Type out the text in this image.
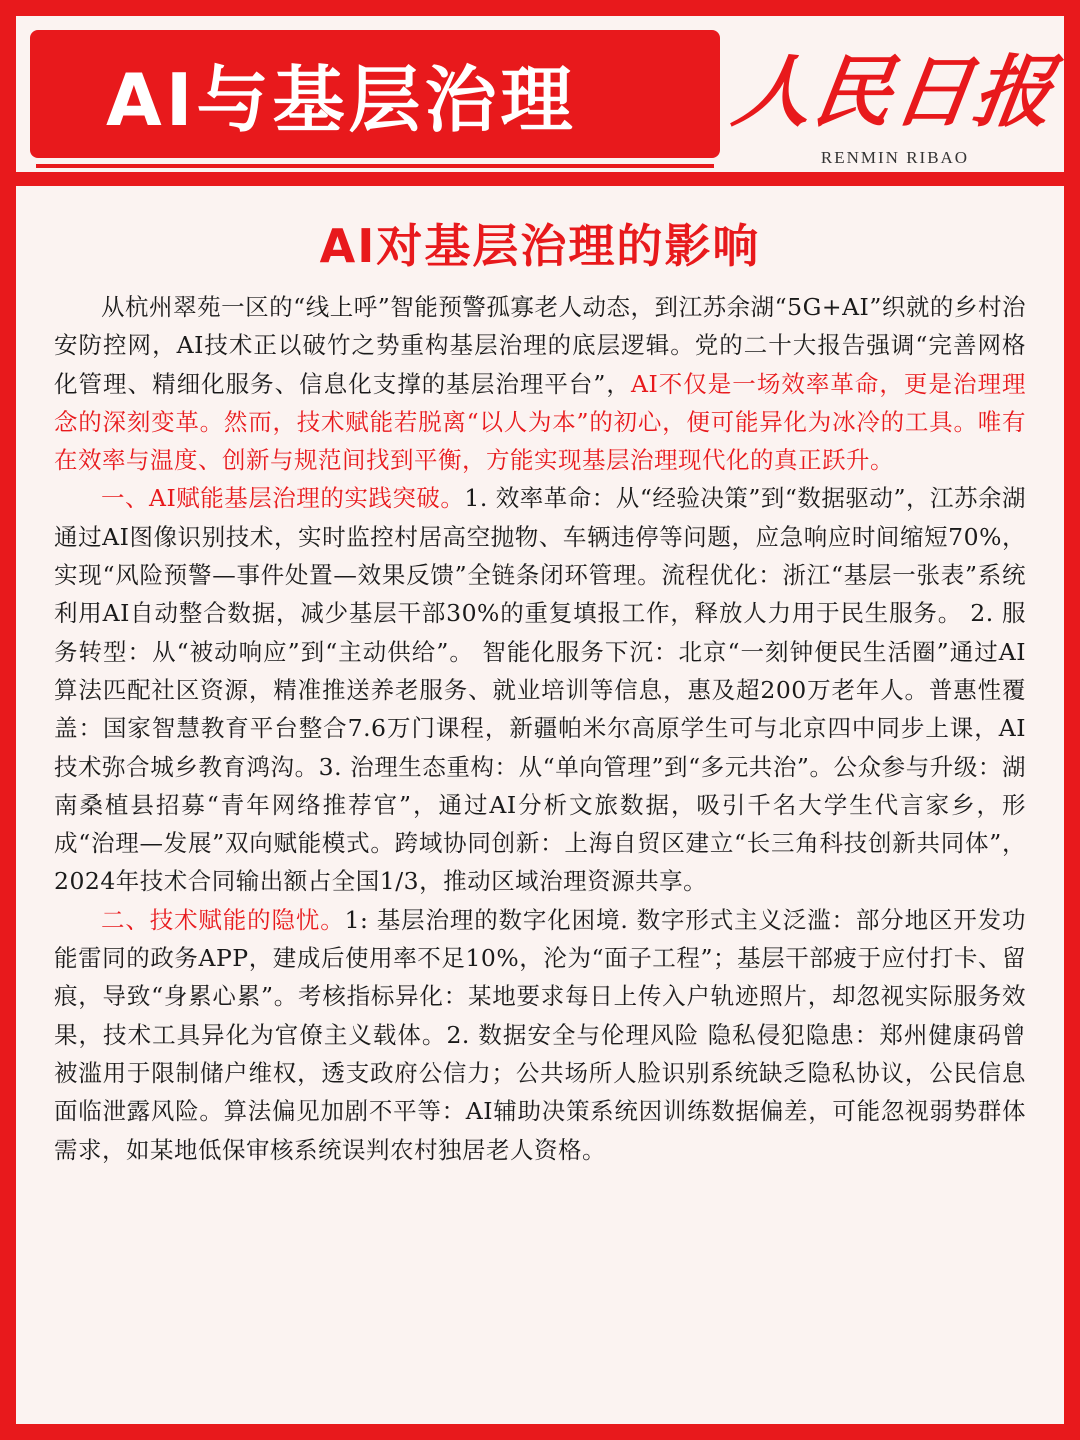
AI与基层治理	人民日报
RENMIN RIBAO
AI对基层治理的影响

从杭州翠苑一区的“线上呼”智能预警孤寡老人动态，到江苏余湖“5G+AI”织就的乡村治安防控网，AI技术正以破竹之势重构基层治理的底层逻辑。党的二十大报告强调“完善网格化管理、精细化服务、信息化支撑的基层治理平台”，AI不仅是一场效率革命，更是治理理念的深刻变革。然而，技术赋能若脱离“以人为本”的初心，便可能异化为冰冷的工具。唯有在效率与温度、创新与规范间找到平衡，方能实现基层治理现代化的真正跃升。

一、AI赋能基层治理的实践突破。1. 效率革命：从“经验决策”到“数据驱动”，江苏余湖通过AI图像识别技术，实时监控村居高空抛物、车辆违停等问题，应急响应时间缩短70%，实现“风险预警—事件处置—效果反馈”全链条闭环管理。流程优化：浙江“基层一张表”系统利用AI自动整合数据，减少基层干部30%的重复填报工作，释放人力用于民生服务。 2. 服务转型：从“被动响应”到“主动供给”。 智能化服务下沉：北京“一刻钟便民生活圈”通过AI算法匹配社区资源，精准推送养老服务、就业培训等信息，惠及超200万老年人。普惠性覆盖：国家智慧教育平台整合7.6万门课程，新疆帕米尔高原学生可与北京四中同步上课，AI技术弥合城乡教育鸿沟。3. 治理生态重构：从“单向管理”到“多元共治”。公众参与升级：湖南桑植县招募“青年网络推荐官”，通过AI分析文旅数据，吸引千名大学生代言家乡，形成“治理—发展”双向赋能模式。跨域协同创新：上海自贸区建立“长三角科技创新共同体”，2024年技术合同输出额占全国1/3，推动区域治理资源共享。

二、技术赋能的隐忧。1: 基层治理的数字化困境. 数字形式主义泛滥：部分地区开发功能雷同的政务APP，建成后使用率不足10%，沦为“面子工程”；基层干部疲于应付打卡、留痕，导致“身累心累”。考核指标异化：某地要求每日上传入户轨迹照片，却忽视实际服务效果，技术工具异化为官僚主义载体。2. 数据安全与伦理风险 隐私侵犯隐患：郑州健康码曾被滥用于限制储户维权，透支政府公信力；公共场所人脸识别系统缺乏隐私协议，公民信息面临泄露风险。算法偏见加剧不平等：AI辅助决策系统因训练数据偏差，可能忽视弱势群体需求，如某地低保审核系统误判农村独居老人资格。
